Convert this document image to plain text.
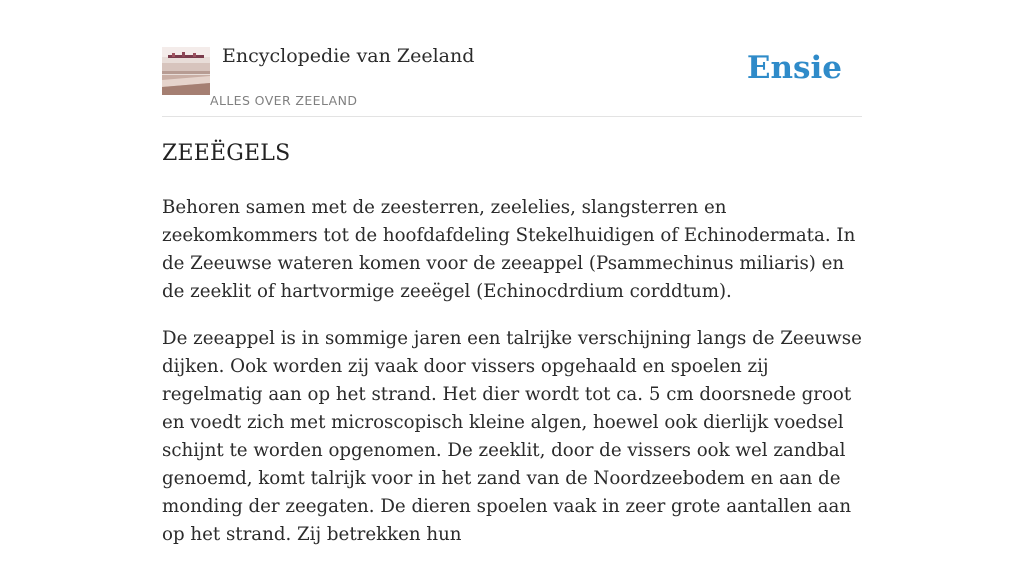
Encyclopedie van Zeeland
ALLES OVER ZEELAND
Ensie
ZEEËGELS

Behoren samen met de zeesterren, zeelelies, slangsterren en zeekomkommers tot de hoofdafdeling Stekelhuidigen of Echinodermata. In de Zeeuwse wateren komen voor de zeeappel (Psammechinus miliaris) en de zeeklit of hartvormige zeeëgel (Echinocdrdium corddtum).

De zeeappel is in sommige jaren een talrijke verschijning langs de Zeeuwse dijken. Ook worden zij vaak door vissers opgehaald en spoelen zij regelmatig aan op het strand. Het dier wordt tot ca. 5 cm doorsnede groot en voedt zich met microscopisch kleine algen, hoewel ook dierlijk voedsel schijnt te worden opgenomen. De zeeklit, door de vissers ook wel zandbal genoemd, komt talrijk voor in het zand van de Noordzeebodem en aan de monding der zeegaten. De dieren spoelen vaak in zeer grote aantallen aan op het strand. Zij betrekken hun
